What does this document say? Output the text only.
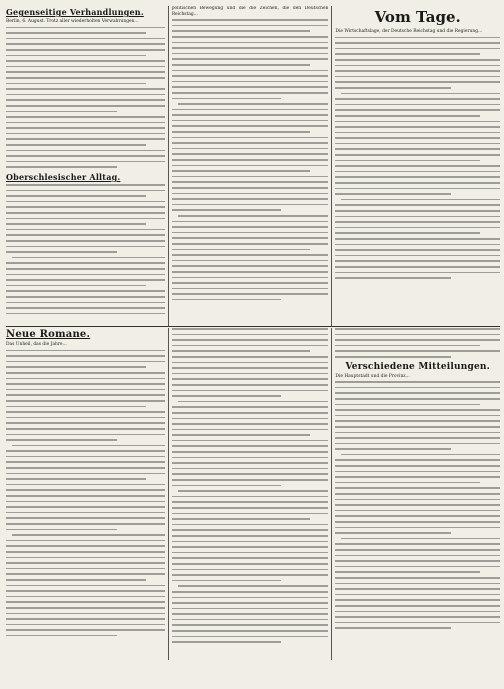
Gegenseitige Verhandlungen.

Berlin, 6. August. Trotz aller wiederholten Verwahrungen...

Oberschlesischer Alltag.

politischen Bewegung und die die Zeichen, die den Deutschen Reichstag...	Vom Tage.

Die Wirtschaftslage, der Deutsche Reichstag und die Regierung...

Neue Romane.

Das Unheil, das die Jahre...

Verschiedene Mitteilungen.

Die Hauptstadt und die Provinz...
